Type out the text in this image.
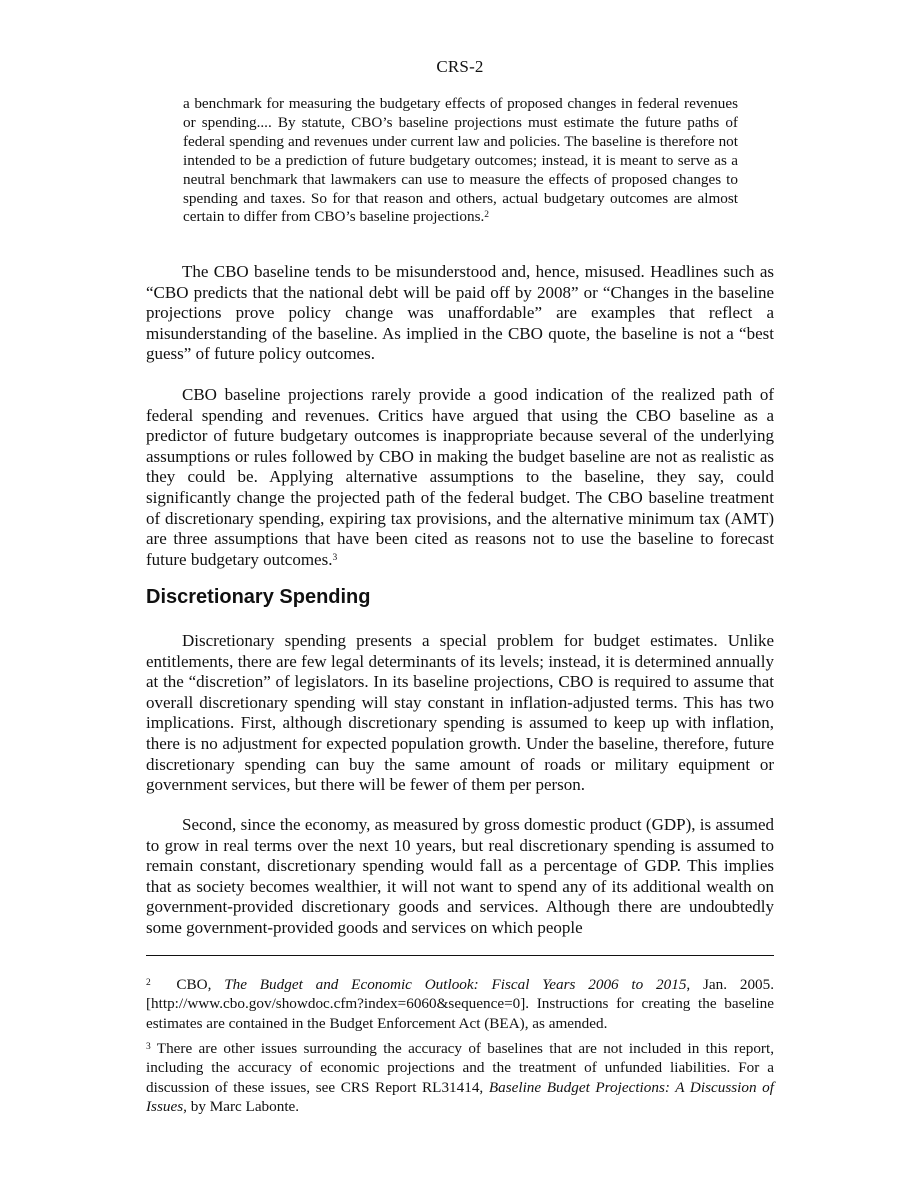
CRS-2
a benchmark for measuring the budgetary effects of proposed changes in federal revenues or spending.... By statute, CBO’s baseline projections must estimate the future paths of federal spending and revenues under current law and policies. The baseline is therefore not intended to be a prediction of future budgetary outcomes; instead, it is meant to serve as a neutral benchmark that lawmakers can use to measure the effects of proposed changes to spending and taxes. So for that reason and others, actual budgetary outcomes are almost certain to differ from CBO’s baseline projections.$^2$
The CBO baseline tends to be misunderstood and, hence, misused. Headlines such as “CBO predicts that the national debt will be paid off by 2008” or “Changes in the baseline projections prove policy change was unaffordable” are examples that reflect a misunderstanding of the baseline. As implied in the CBO quote, the baseline is not a “best guess” of future policy outcomes.
CBO baseline projections rarely provide a good indication of the realized path of federal spending and revenues. Critics have argued that using the CBO baseline as a predictor of future budgetary outcomes is inappropriate because several of the underlying assumptions or rules followed by CBO in making the budget baseline are not as realistic as they could be. Applying alternative assumptions to the baseline, they say, could significantly change the projected path of the federal budget. The CBO baseline treatment of discretionary spending, expiring tax provisions, and the alternative minimum tax (AMT) are three assumptions that have been cited as reasons not to use the baseline to forecast future budgetary outcomes.$^3$
Discretionary Spending
Discretionary spending presents a special problem for budget estimates. Unlike entitlements, there are few legal determinants of its levels; instead, it is determined annually at the “discretion” of legislators. In its baseline projections, CBO is required to assume that overall discretionary spending will stay constant in inflation-adjusted terms. This has two implications. First, although discretionary spending is assumed to keep up with inflation, there is no adjustment for expected population growth. Under the baseline, therefore, future discretionary spending can buy the same amount of roads or military equipment or government services, but there will be fewer of them per person.
Second, since the economy, as measured by gross domestic product (GDP), is assumed to grow in real terms over the next 10 years, but real discretionary spending is assumed to remain constant, discretionary spending would fall as a percentage of GDP. This implies that as society becomes wealthier, it will not want to spend any of its additional wealth on government-provided discretionary goods and services. Although there are undoubtedly some government-provided goods and services on which people
$^2$ CBO, The Budget and Economic Outlook: Fiscal Years 2006 to 2015, Jan. 2005. [http://www.cbo.gov/showdoc.cfm?index=6060&sequence=0]. Instructions for creating the baseline estimates are contained in the Budget Enforcement Act (BEA), as amended.
$^3$ There are other issues surrounding the accuracy of baselines that are not included in this report, including the accuracy of economic projections and the treatment of unfunded liabilities. For a discussion of these issues, see CRS Report RL31414, Baseline Budget Projections: A Discussion of Issues, by Marc Labonte.
